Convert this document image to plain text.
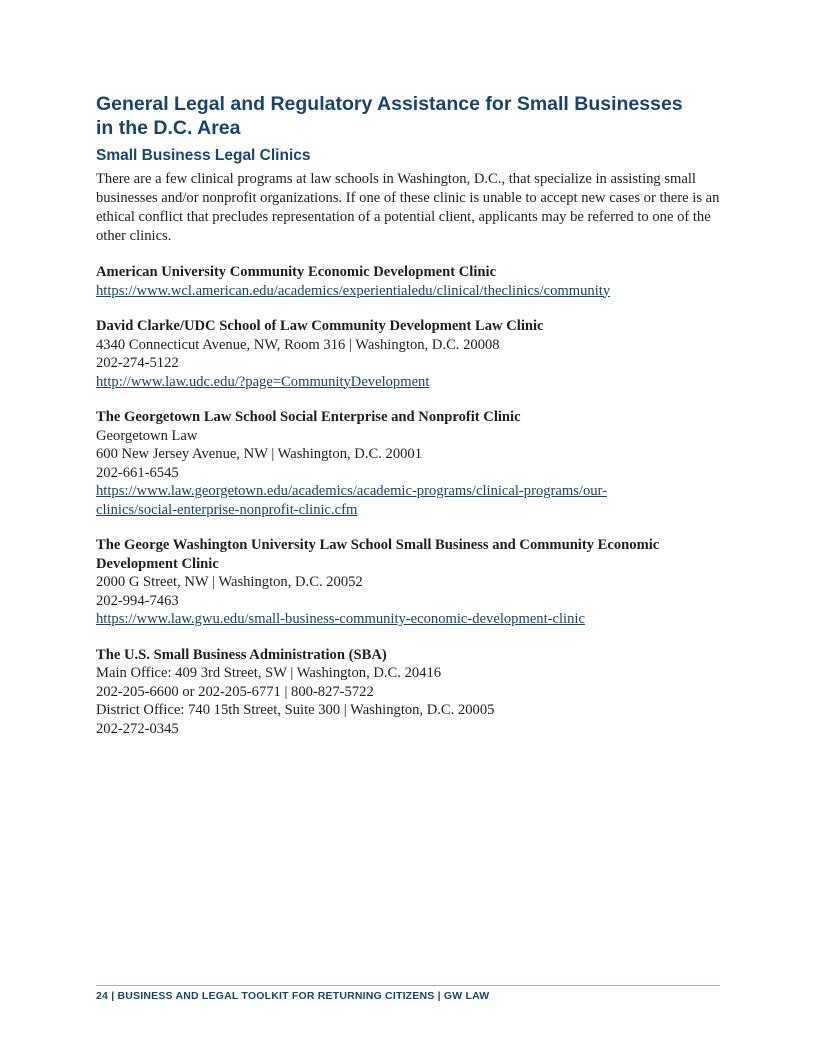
General Legal and Regulatory Assistance for Small Businesses
in the D.C. Area
Small Business Legal Clinics

There are a few clinical programs at law schools in Washington, D.C., that specialize in assisting small businesses and/or nonprofit organizations. If one of these clinic is unable to accept new cases or there is an ethical conflict that precludes representation of a potential client, applicants may be referred to one of the other clinics.

American University Community Economic Development Clinic
https://www.wcl.american.edu/academics/experientialedu/clinical/theclinics/community
David Clarke/UDC School of Law Community Development Law Clinic
4340 Connecticut Avenue, NW, Room 316 | Washington, D.C. 20008
202-274-5122
http://www.law.udc.edu/?page=CommunityDevelopment
The Georgetown Law School Social Enterprise and Nonprofit Clinic
Georgetown Law
600 New Jersey Avenue, NW | Washington, D.C. 20001
202-661-6545
https://www.law.georgetown.edu/academics/academic-programs/clinical-programs/our-
clinics/social-enterprise-nonprofit-clinic.cfm
The George Washington University Law School Small Business and Community Economic
Development Clinic
2000 G Street, NW | Washington, D.C. 20052
202-994-7463
https://www.law.gwu.edu/small-business-community-economic-development-clinic
The U.S. Small Business Administration (SBA)
Main Office: 409 3rd Street, SW | Washington, D.C. 20416
202-205-6600 or 202-205-6771 | 800-827-5722
District Office: 740 15th Street, Suite 300 | Washington, D.C. 20005
202-272-0345
24 | BUSINESS AND LEGAL TOOLKIT FOR RETURNING CITIZENS | GW LAW
